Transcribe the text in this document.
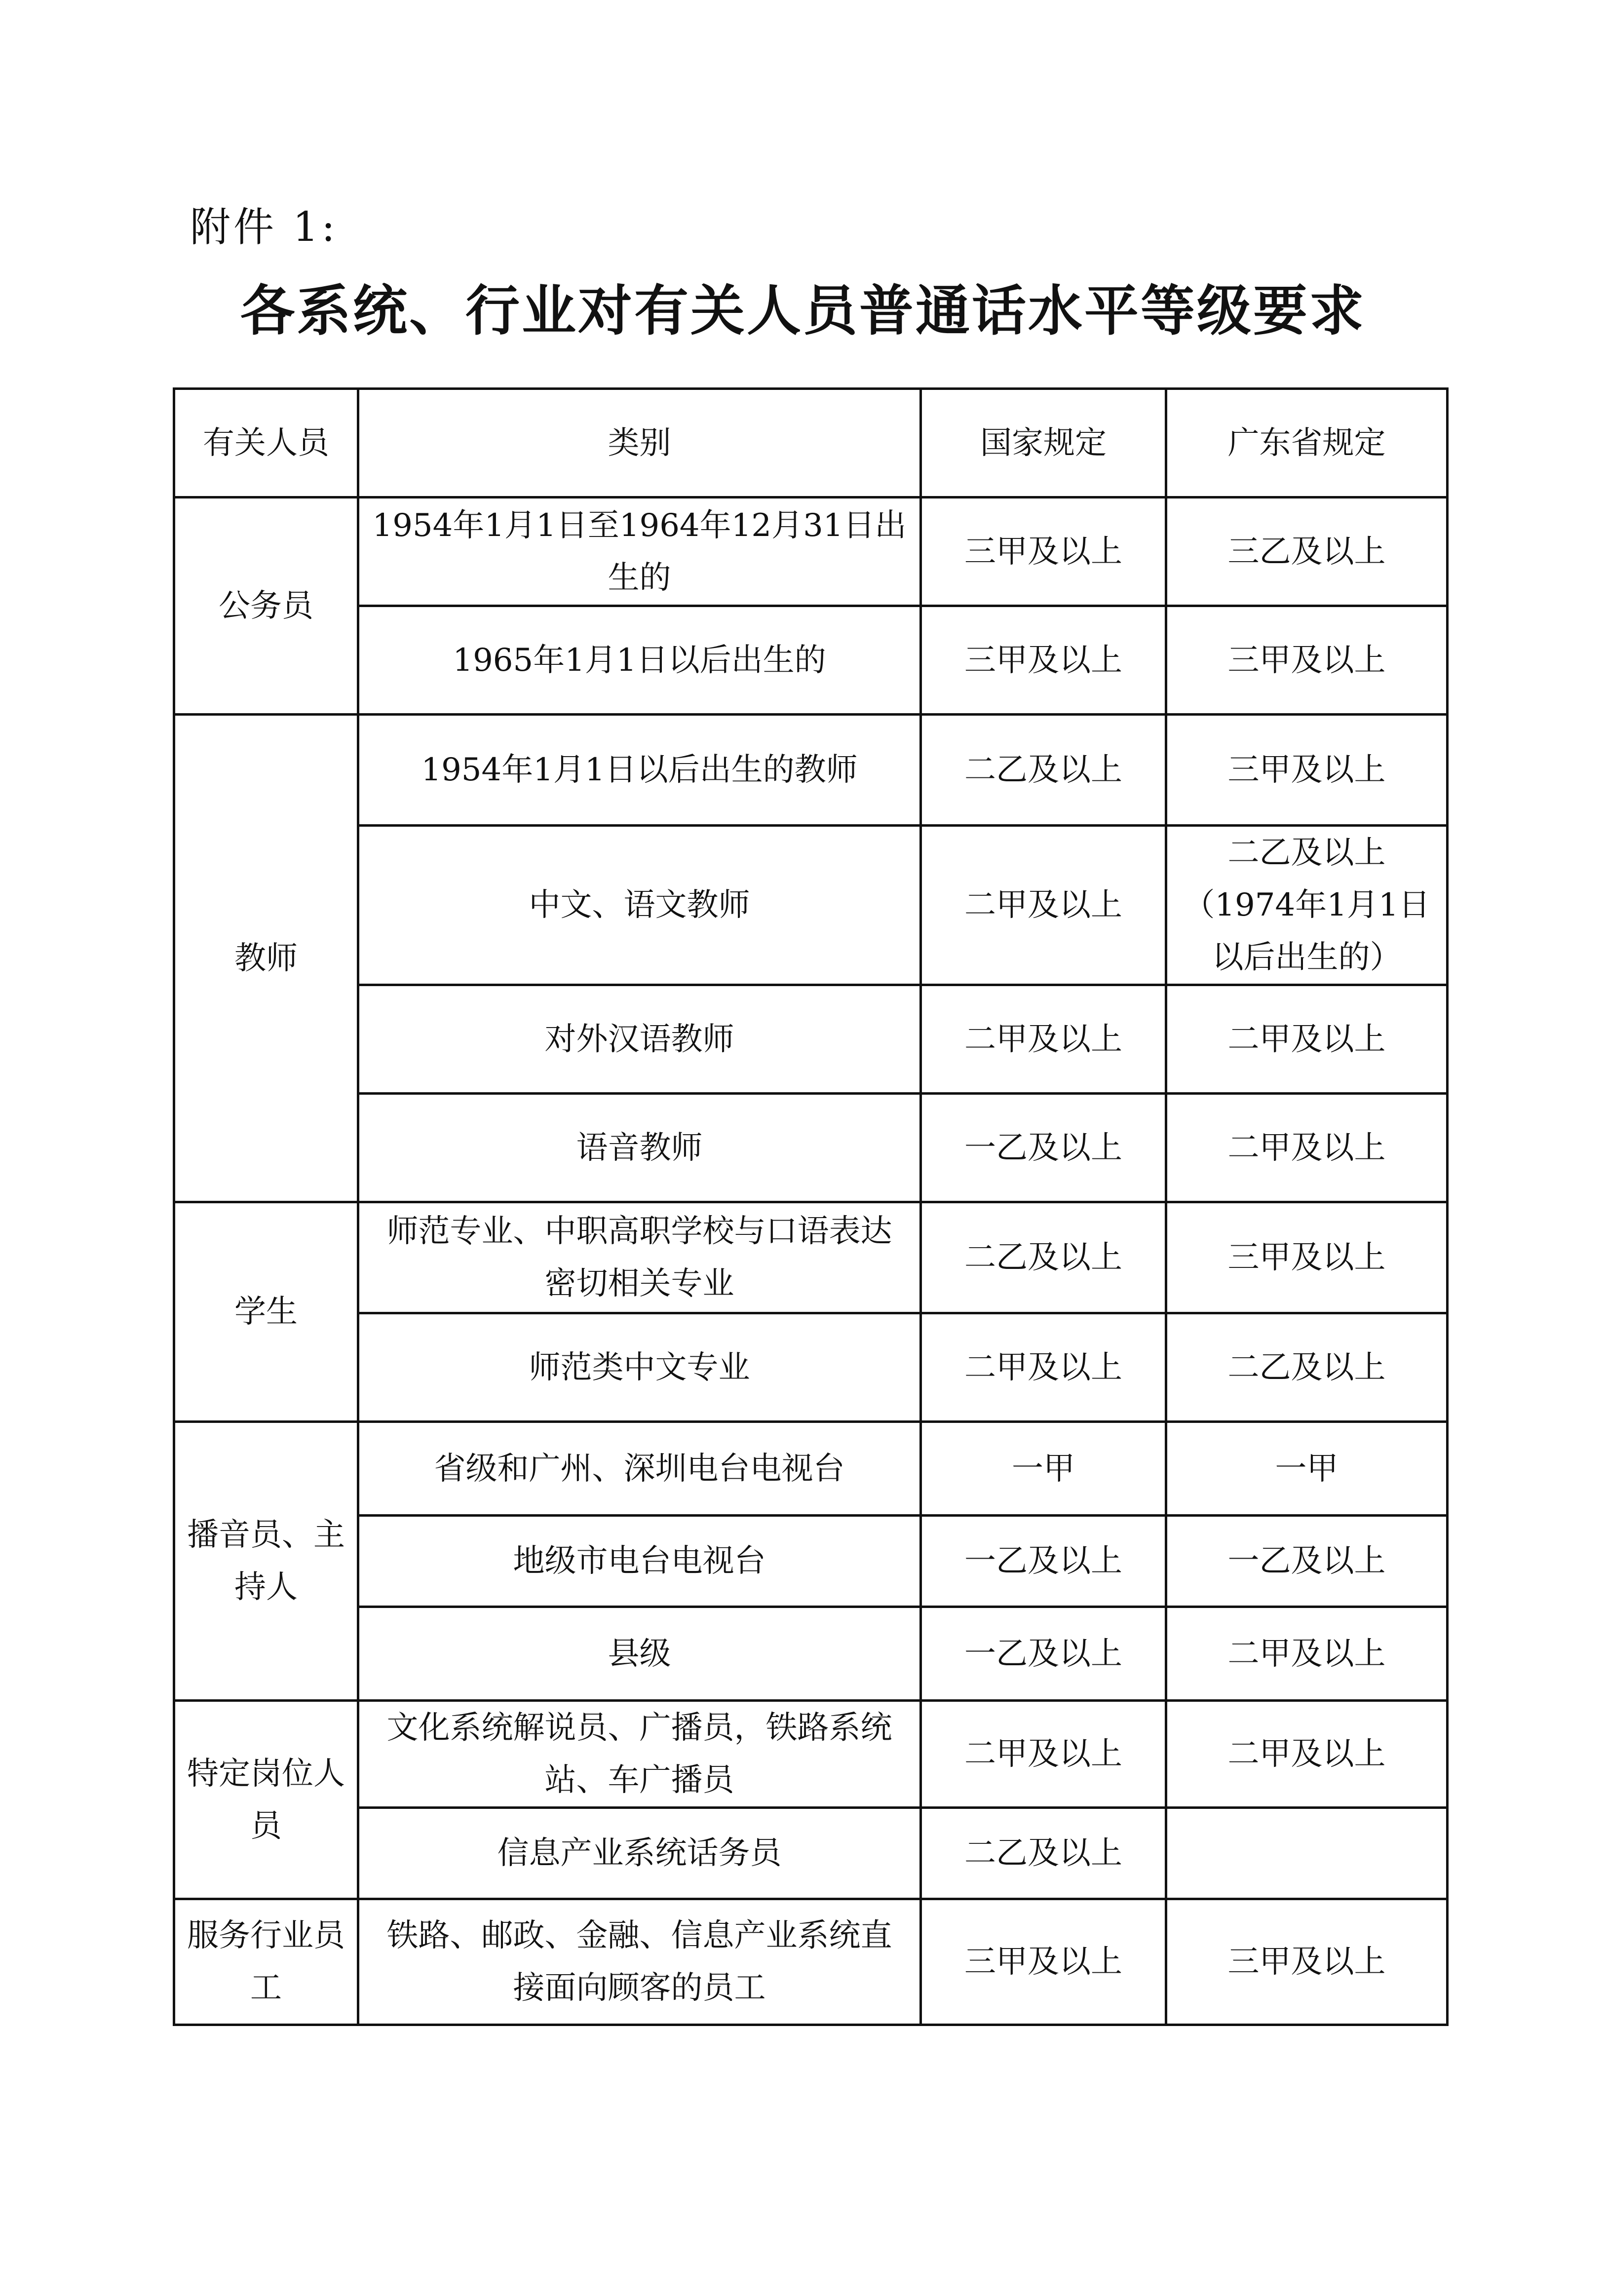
附件 1:
各系统、行业对有关人员普通话水平等级要求
有关人员	类别	国家规定	广东省规定
公务员	1954年1月1日至1964年12月31日出生的	三甲及以上	三乙及以上
	1965年1月1日以后出生的	三甲及以上	三甲及以上
教师	1954年1月1日以后出生的教师	二乙及以上	三甲及以上
	中文、语文教师	二甲及以上	二乙及以上（1974年1月1日以后出生的）
	对外汉语教师	二甲及以上	二甲及以上
	语音教师	一乙及以上	二甲及以上
学生	师范专业、中职高职学校与口语表达密切相关专业	二乙及以上	三甲及以上
	师范类中文专业	二甲及以上	二乙及以上
播音员、主持人	省级和广州、深圳电台电视台	一甲	一甲
	地级市电台电视台	一乙及以上	一乙及以上
	县级	一乙及以上	二甲及以上
特定岗位人员	文化系统解说员、广播员，铁路系统站、车广播员	二甲及以上	二甲及以上
	信息产业系统话务员	二乙及以上	
服务行业员工	铁路、邮政、金融、信息产业系统直接面向顾客的员工	三甲及以上	三甲及以上
